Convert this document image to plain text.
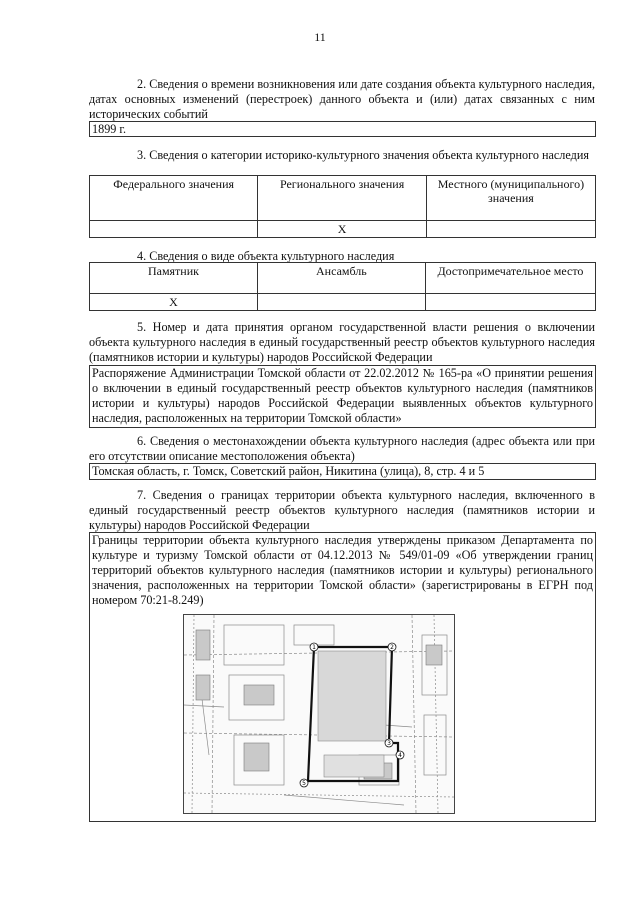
11
2. Сведения о времени возникновения или дате создания объекта культурного наследия, датах основных изменений (перестроек) данного объекта и (или) датах связанных с ним исторических событий
1899 г.
3. Сведения о категории историко-культурного значения объекта культурного наследия
Федерального значения	Регионального значения	Местного (муниципального) значения
	X	
4. Сведения о виде объекта культурного наследия
Памятник	Ансамбль	Достопримечательное место
X		
5. Номер и дата принятия органом государственной власти решения о включении объекта культурного наследия в единый государственный реестр объектов культурного наследия (памятников истории и культуры) народов Российской Федерации
Распоряжение Администрации Томской области от 22.02.2012 № 165-ра «О принятии решения о включении в единый государственный реестр объектов культурного наследия (памятников истории и культуры) народов Российской Федерации выявленных объектов культурного наследия, расположенных на территории Томской области»
6. Сведения о местонахождении объекта культурного наследия (адрес объекта или при его отсутствии описание местоположения объекта)
Томская область, г. Томск, Советский район, Никитина (улица), 8, стр. 4 и 5
7. Сведения о границах территории объекта культурного наследия, включенного в единый государственный реестр объектов культурного наследия (памятников истории и культуры) народов Российской Федерации
Границы территории объекта культурного наследия утверждены приказом Департамента по культуре и туризму Томской области от 04.12.2013 № 549/01-09 «Об утверждении границ территорий объектов культурного наследия (памятников истории и культуры) регионального значения, расположенных на территории Томской области» (зарегистрированы в ЕГРН под номером 70:21-8.249)
1	2
3
4
5
